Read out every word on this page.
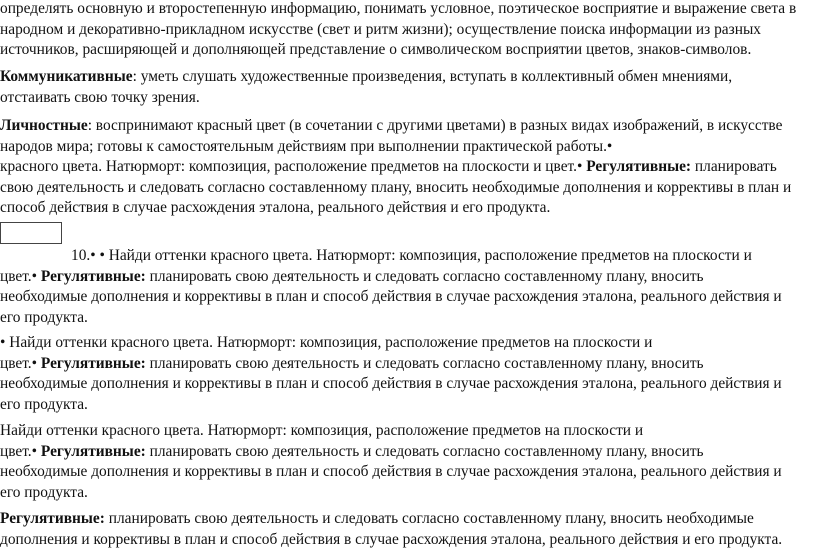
определять основную и второстепенную информацию, понимать условное, поэтическое восприятие и выражение света в
народном и декоративно-прикладном искусстве (свет и ритм жизни); осуществление поиска информации из разных
источников, расширяющей и дополняющей представление о символическом восприятии цветов, знаков-символов.
Коммуникативные: уметь слушать художественные произведения, вступать в коллективный обмен мнениями,
отстаивать свою точку зрения.
Личностные: воспринимают красный цвет (в сочетании с другими цветами) в разных видах изображений, в искусстве
народов мира; готовы к самостоятельным действиям при выполнении практической работы.•
красного цвета. Натюрморт: композиция, расположение предметов на плоскости и цвет.• Регулятивные: планировать
свою деятельность и следовать согласно составленному плану, вносить необходимые дополнения и коррективы в план и
способ действия в случае расхождения эталона, реального действия и его продукта.
10.• • Найди оттенки красного цвета. Натюрморт: композиция, расположение предметов на плоскости и
цвет.• Регулятивные: планировать свою деятельность и следовать согласно составленному плану, вносить
необходимые дополнения и коррективы в план и способ действия в случае расхождения эталона, реального действия и
его продукта.
• Найди оттенки красного цвета. Натюрморт: композиция, расположение предметов на плоскости и
цвет.• Регулятивные: планировать свою деятельность и следовать согласно составленному плану, вносить
необходимые дополнения и коррективы в план и способ действия в случае расхождения эталона, реального действия и
его продукта.
Найди оттенки красного цвета. Натюрморт: композиция, расположение предметов на плоскости и
цвет.• Регулятивные: планировать свою деятельность и следовать согласно составленному плану, вносить
необходимые дополнения и коррективы в план и способ действия в случае расхождения эталона, реального действия и
его продукта.
Регулятивные: планировать свою деятельность и следовать согласно составленному плану, вносить необходимые
дополнения и коррективы в план и способ действия в случае расхождения эталона, реального действия и его продукта.
